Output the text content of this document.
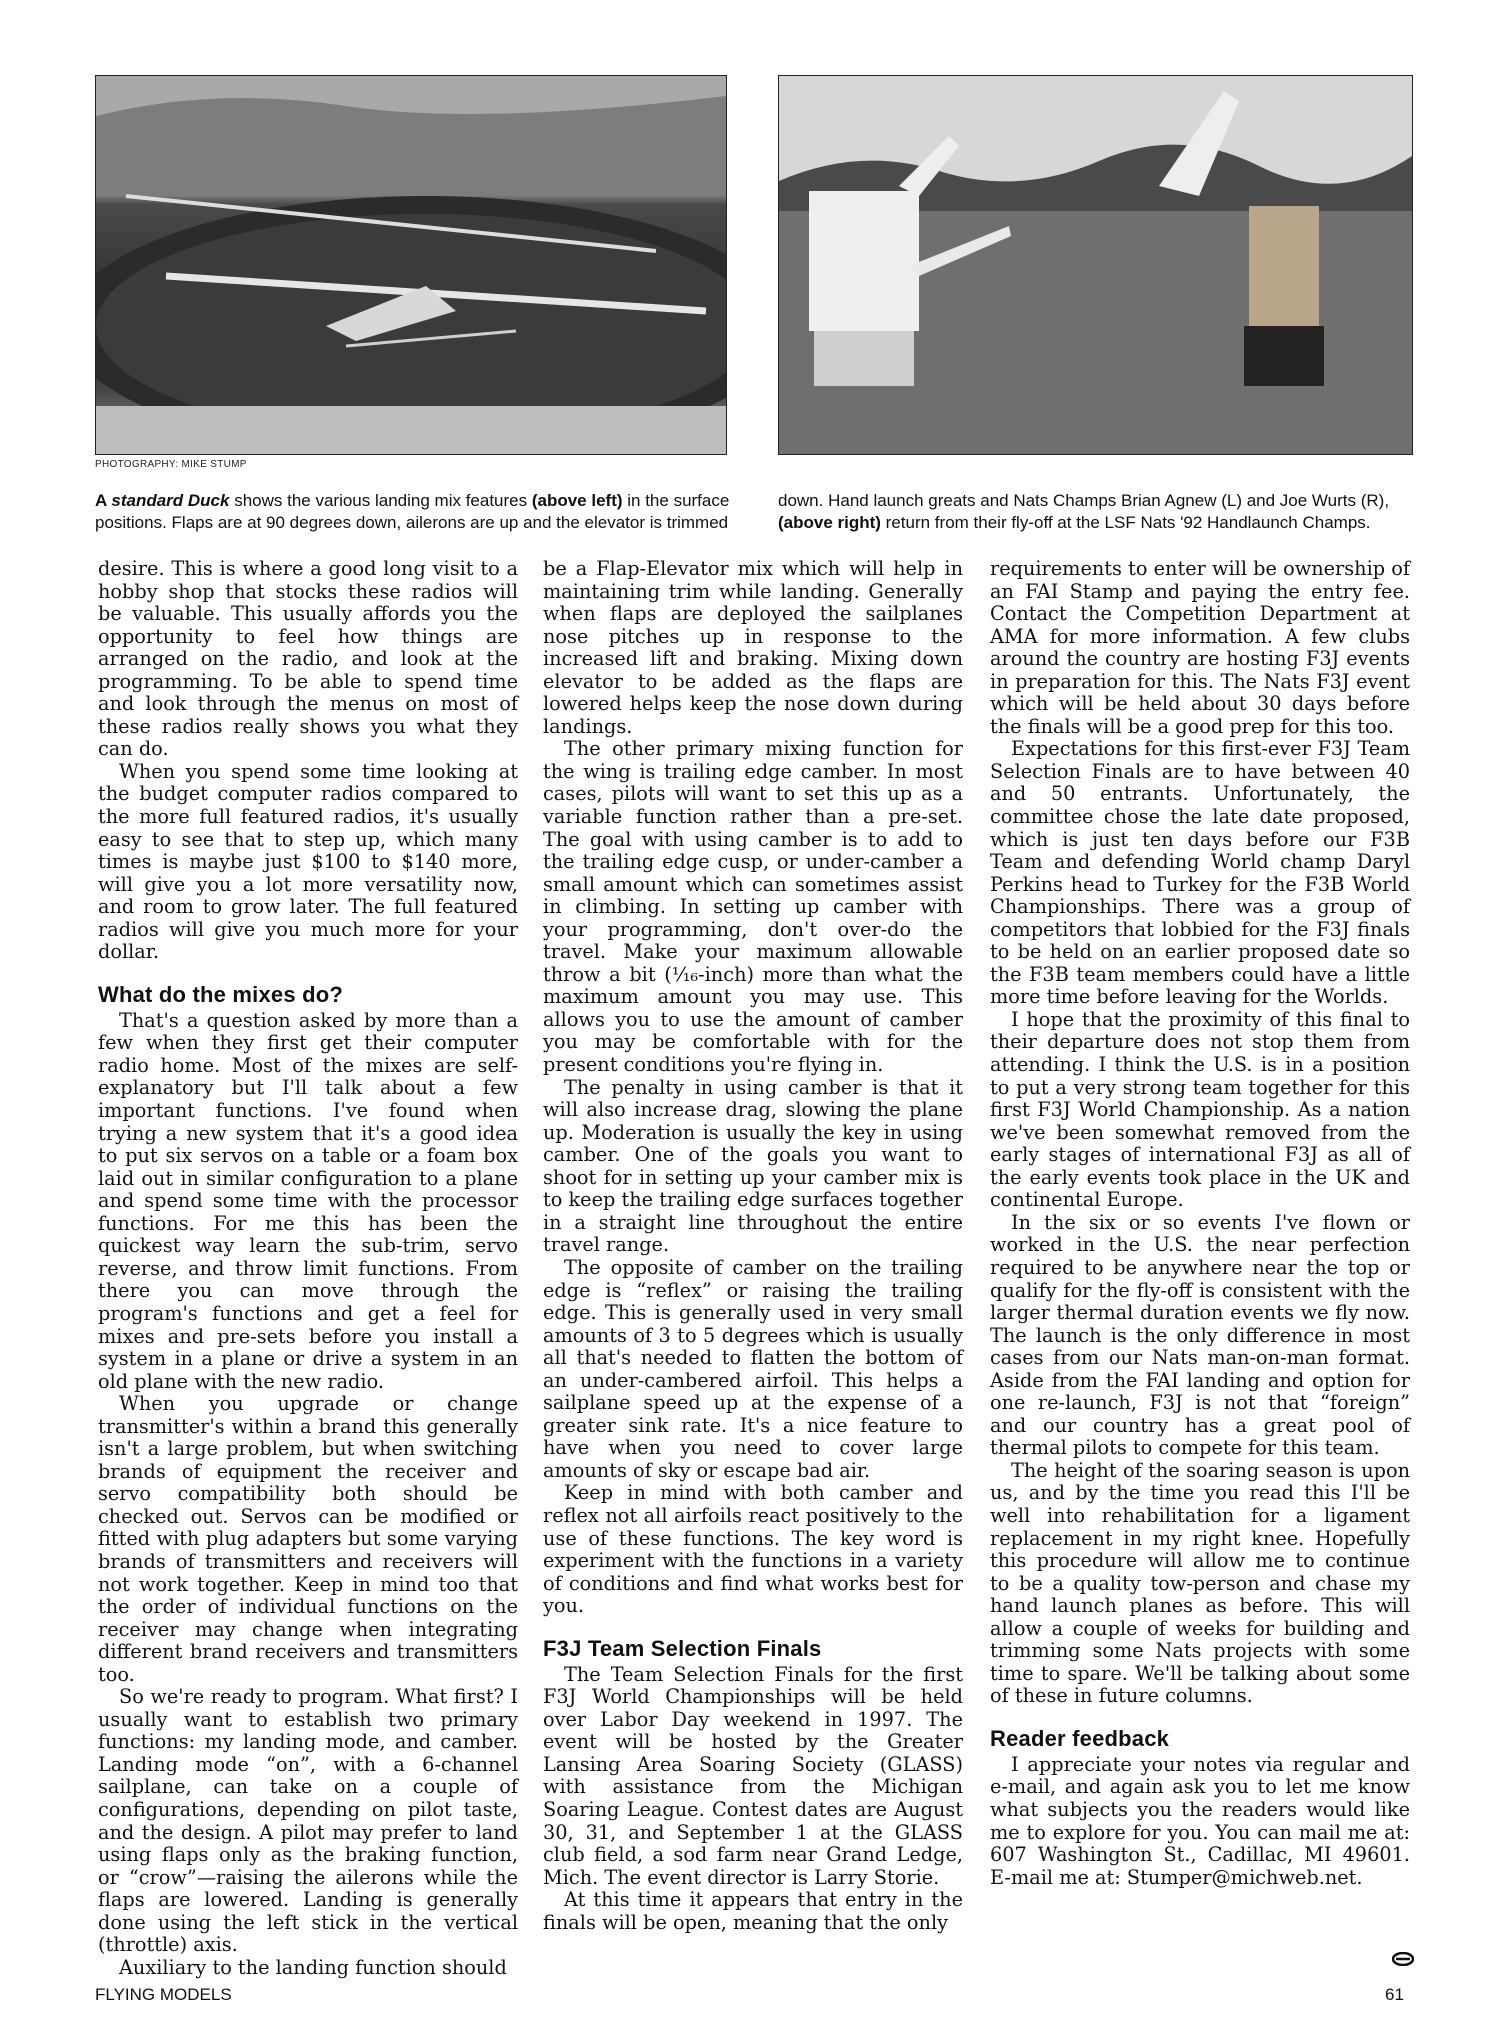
PHOTOGRAPHY: MIKE STUMP
A standard Duck shows the various landing mix features (above left) in the surface positions. Flaps are at 90 degrees down, ailerons are up and the elevator is trimmed
down. Hand launch greats and Nats Champs Brian Agnew (L) and Joe Wurts (R), (above right) return from their fly-off at the LSF Nats '92 Handlaunch Champs.

desire. This is where a good long visit to a hobby shop that stocks these radios will be valuable. This usually affords you the opportunity to feel how things are arranged on the radio, and look at the programming. To be able to spend time and look through the menus on most of these radios really shows you what they can do.

When you spend some time looking at the budget computer radios compared to the more full featured radios, it's usually easy to see that to step up, which many times is maybe just $100 to $140 more, will give you a lot more versatility now, and room to grow later. The full featured radios will give you much more for your dollar.

What do the mixes do?

That's a question asked by more than a few when they first get their computer radio home. Most of the mixes are self-explanatory but I'll talk about a few important functions. I've found when trying a new system that it's a good idea to put six servos on a table or a foam box laid out in similar configuration to a plane and spend some time with the processor functions. For me this has been the quickest way learn the sub-trim, servo reverse, and throw limit functions. From there you can move through the program's functions and get a feel for mixes and pre-sets before you install a system in a plane or drive a system in an old plane with the new radio.

When you upgrade or change transmitter's within a brand this generally isn't a large problem, but when switching brands of equipment the receiver and servo compatibility both should be checked out. Servos can be modified or fitted with plug adapters but some varying brands of transmitters and receivers will not work together. Keep in mind too that the order of individual functions on the receiver may change when integrating different brand receivers and transmitters too.

So we're ready to program. What first? I usually want to establish two primary functions: my landing mode, and camber. Landing mode “on”, with a 6-channel sailplane, can take on a couple of configurations, depending on pilot taste, and the design. A pilot may prefer to land using flaps only as the braking function, or “crow”—raising the ailerons while the flaps are lowered. Landing is generally done using the left stick in the vertical (throttle) axis.

Auxiliary to the landing function should

be a Flap-Elevator mix which will help in maintaining trim while landing. Generally when flaps are deployed the sailplanes nose pitches up in response to the increased lift and braking. Mixing down elevator to be added as the flaps are lowered helps keep the nose down during landings.

The other primary mixing function for the wing is trailing edge camber. In most cases, pilots will want to set this up as a variable function rather than a pre-set. The goal with using camber is to add to the trailing edge cusp, or under-camber a small amount which can sometimes assist in climbing. In setting up camber with your programming, don't over-do the travel. Make your maximum allowable throw a bit (¹⁄₁₆-inch) more than what the maximum amount you may use. This allows you to use the amount of camber you may be comfortable with for the present conditions you're flying in.

The penalty in using camber is that it will also increase drag, slowing the plane up. Moderation is usually the key in using camber. One of the goals you want to shoot for in setting up your camber mix is to keep the trailing edge surfaces together in a straight line throughout the entire travel range.

The opposite of camber on the trailing edge is “reflex” or raising the trailing edge. This is generally used in very small amounts of 3 to 5 degrees which is usually all that's needed to flatten the bottom of an under-cambered airfoil. This helps a sailplane speed up at the expense of a greater sink rate. It's a nice feature to have when you need to cover large amounts of sky or escape bad air.

Keep in mind with both camber and reflex not all airfoils react positively to the use of these functions. The key word is experiment with the functions in a variety of conditions and find what works best for you.

F3J Team Selection Finals

The Team Selection Finals for the first F3J World Championships will be held over Labor Day weekend in 1997. The event will be hosted by the Greater Lansing Area Soaring Society (GLASS) with assistance from the Michigan Soaring League. Contest dates are August 30, 31, and September 1 at the GLASS club field, a sod farm near Grand Ledge, Mich. The event director is Larry Storie.

At this time it appears that entry in the finals will be open, meaning that the only

requirements to enter will be ownership of an FAI Stamp and paying the entry fee. Contact the Competition Department at AMA for more information. A few clubs around the country are hosting F3J events in preparation for this. The Nats F3J event which will be held about 30 days before the finals will be a good prep for this too.

Expectations for this first-ever F3J Team Selection Finals are to have between 40 and 50 entrants. Unfortunately, the committee chose the late date proposed, which is just ten days before our F3B Team and defending World champ Daryl Perkins head to Turkey for the F3B World Championships. There was a group of competitors that lobbied for the F3J finals to be held on an earlier proposed date so the F3B team members could have a little more time before leaving for the Worlds.

I hope that the proximity of this final to their departure does not stop them from attending. I think the U.S. is in a position to put a very strong team together for this first F3J World Championship. As a nation we've been somewhat removed from the early stages of international F3J as all of the early events took place in the UK and continental Europe.

In the six or so events I've flown or worked in the U.S. the near perfection required to be anywhere near the top or qualify for the fly-off is consistent with the larger thermal duration events we fly now. The launch is the only difference in most cases from our Nats man-on-man format. Aside from the FAI landing and option for one re-launch, F3J is not that “foreign” and our country has a great pool of thermal pilots to compete for this team.

The height of the soaring season is upon us, and by the time you read this I'll be well into rehabilitation for a ligament replacement in my right knee. Hopefully this procedure will allow me to continue to be a quality tow-person and chase my hand launch planes as before. This will allow a couple of weeks for building and trimming some Nats projects with some time to spare. We'll be talking about some of these in future columns.

Reader feedback

I appreciate your notes via regular and e-mail, and again ask you to let me know what subjects you the readers would like me to explore for you. You can mail me at: 607 Washington St., Cadillac, MI 49601. E-mail me at: Stumper@michweb.net.

FLYING MODELS	61
